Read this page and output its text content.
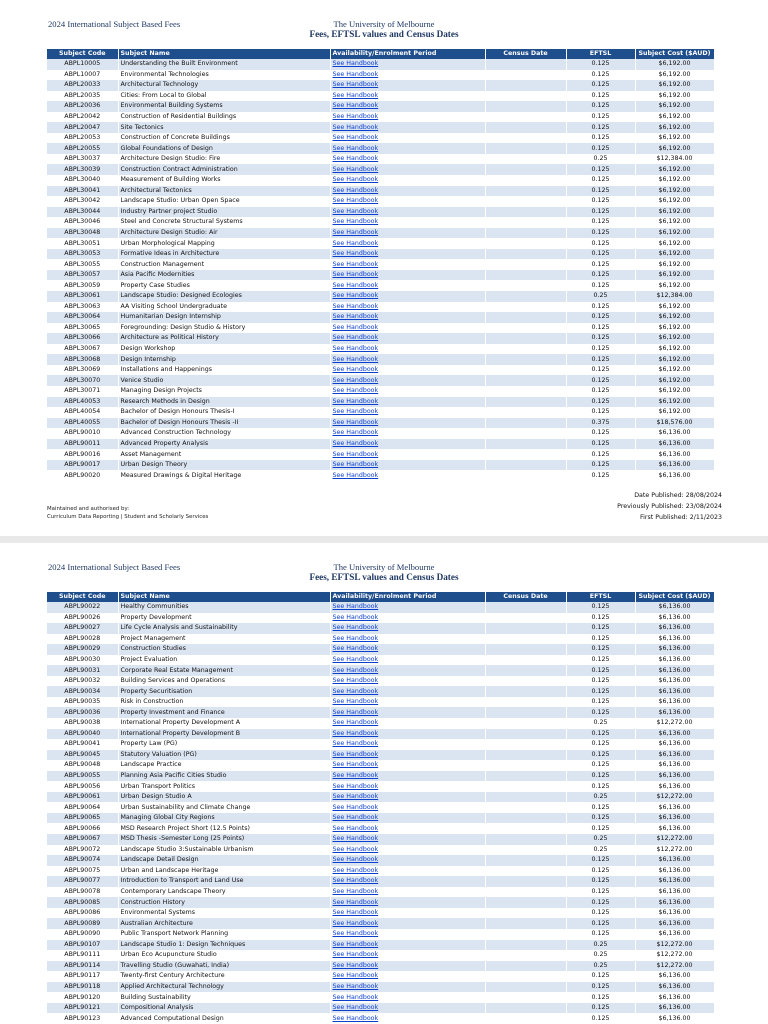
2024 International Subject Based Fees	The University of Melbourne
Fees, EFTSL values and Census Dates
Subject Code	Subject Name	Availability/Enrolment Period	Census Date	EFTSL	Subject Cost ($AUD)
ABPL10005	Understanding the Built Environment	See Handbook		0.125	$6,192.00
ABPL10007	Environmental Technologies	See Handbook		0.125	$6,192.00
ABPL20033	Architectural Technology	See Handbook		0.125	$6,192.00
ABPL20035	Cities: From Local to Global	See Handbook		0.125	$6,192.00
ABPL20036	Environmental Building Systems	See Handbook		0.125	$6,192.00
ABPL20042	Construction of Residential Buildings	See Handbook		0.125	$6,192.00
ABPL20047	Site Tectonics	See Handbook		0.125	$6,192.00
ABPL20053	Construction of Concrete Buildings	See Handbook		0.125	$6,192.00
ABPL20055	Global Foundations of Design	See Handbook		0.125	$6,192.00
ABPL30037	Architecture Design Studio: Fire	See Handbook		0.25	$12,384.00
ABPL30039	Construction Contract Administration	See Handbook		0.125	$6,192.00
ABPL30040	Measurement of Building Works	See Handbook		0.125	$6,192.00
ABPL30041	Architectural Tectonics	See Handbook		0.125	$6,192.00
ABPL30042	Landscape Studio: Urban Open Space	See Handbook		0.125	$6,192.00
ABPL30044	Industry Partner project Studio	See Handbook		0.125	$6,192.00
ABPL30046	Steel and Concrete Structural Systems	See Handbook		0.125	$6,192.00
ABPL30048	Architecture Design Studio: Air	See Handbook		0.125	$6,192.00
ABPL30051	Urban Morphological Mapping	See Handbook		0.125	$6,192.00
ABPL30053	Formative Ideas in Architecture	See Handbook		0.125	$6,192.00
ABPL30055	Construction Management	See Handbook		0.125	$6,192.00
ABPL30057	Asia Pacific Modernities	See Handbook		0.125	$6,192.00
ABPL30059	Property Case Studies	See Handbook		0.125	$6,192.00
ABPL30061	Landscape Studio: Designed Ecologies	See Handbook		0.25	$12,384.00
ABPL30063	AA Visiting School Undergraduate	See Handbook		0.125	$6,192.00
ABPL30064	Humanitarian Design Internship	See Handbook		0.125	$6,192.00
ABPL30065	Foregrounding: Design Studio & History	See Handbook		0.125	$6,192.00
ABPL30066	Architecture as Political History	See Handbook		0.125	$6,192.00
ABPL30067	Design Workshop	See Handbook		0.125	$6,192.00
ABPL30068	Design Internship	See Handbook		0.125	$6,192.00
ABPL30069	Installations and Happenings	See Handbook		0.125	$6,192.00
ABPL30070	Venice Studio	See Handbook		0.125	$6,192.00
ABPL30071	Managing Design Projects	See Handbook		0.125	$6,192.00
ABPL40053	Research Methods in Design	See Handbook		0.125	$6,192.00
ABPL40054	Bachelor of Design Honours Thesis-I	See Handbook		0.125	$6,192.00
ABPL40055	Bachelor of Design Honours Thesis -II	See Handbook		0.375	$18,576.00
ABPL90010	Advanced Construction Technology	See Handbook		0.125	$6,136.00
ABPL90011	Advanced Property Analysis	See Handbook		0.125	$6,136.00
ABPL90016	Asset Management	See Handbook		0.125	$6,136.00
ABPL90017	Urban Design Theory	See Handbook		0.125	$6,136.00
ABPL90020	Measured Drawings & Digital Heritage	See Handbook		0.125	$6,136.00
Maintained and authorised by:
Curriculum Data Reporting | Student and Scholarly Services
Date Published: 28/08/2024
Previously Published: 23/08/2024
First Published: 2/11/2023
2024 International Subject Based Fees	The University of Melbourne
Fees, EFTSL values and Census Dates
Subject Code	Subject Name	Availability/Enrolment Period	Census Date	EFTSL	Subject Cost ($AUD)
ABPL90022	Healthy Communities	See Handbook		0.125	$6,136.00
ABPL90026	Property Development	See Handbook		0.125	$6,136.00
ABPL90027	Life Cycle Analysis and Sustainability	See Handbook		0.125	$6,136.00
ABPL90028	Project Management	See Handbook		0.125	$6,136.00
ABPL90029	Construction Studies	See Handbook		0.125	$6,136.00
ABPL90030	Project Evaluation	See Handbook		0.125	$6,136.00
ABPL90031	Corporate Real Estate Management	See Handbook		0.125	$6,136.00
ABPL90032	Building Services and Operations	See Handbook		0.125	$6,136.00
ABPL90034	Property Securitisation	See Handbook		0.125	$6,136.00
ABPL90035	Risk in Construction	See Handbook		0.125	$6,136.00
ABPL90036	Property Investment and Finance	See Handbook		0.125	$6,136.00
ABPL90038	International Property Development A	See Handbook		0.25	$12,272.00
ABPL90040	International Property Development B	See Handbook		0.125	$6,136.00
ABPL90041	Property Law (PG)	See Handbook		0.125	$6,136.00
ABPL90045	Statutory Valuation (PG)	See Handbook		0.125	$6,136.00
ABPL90048	Landscape Practice	See Handbook		0.125	$6,136.00
ABPL90055	Planning Asia Pacific Cities Studio	See Handbook		0.125	$6,136.00
ABPL90056	Urban Transport Politics	See Handbook		0.125	$6,136.00
ABPL90061	Urban Design Studio A	See Handbook		0.25	$12,272.00
ABPL90064	Urban Sustainability and Climate Change	See Handbook		0.125	$6,136.00
ABPL90065	Managing Global City Regions	See Handbook		0.125	$6,136.00
ABPL90066	MSD Research Project Short (12.5 Points)	See Handbook		0.125	$6,136.00
ABPL90067	MSD Thesis -Semester Long (25 Points)	See Handbook		0.25	$12,272.00
ABPL90072	Landscape Studio 3:Sustainable Urbanism	See Handbook		0.25	$12,272.00
ABPL90074	Landscape Detail Design	See Handbook		0.125	$6,136.00
ABPL90075	Urban and Landscape Heritage	See Handbook		0.125	$6,136.00
ABPL90077	Introduction to Transport and Land Use	See Handbook		0.125	$6,136.00
ABPL90078	Contemporary Landscape Theory	See Handbook		0.125	$6,136.00
ABPL90085	Construction History	See Handbook		0.125	$6,136.00
ABPL90086	Environmental Systems	See Handbook		0.125	$6,136.00
ABPL90089	Australian Architecture	See Handbook		0.125	$6,136.00
ABPL90090	Public Transport Network Planning	See Handbook		0.125	$6,136.00
ABPL90107	Landscape Studio 1: Design Techniques	See Handbook		0.25	$12,272.00
ABPL90111	Urban Eco Acupuncture Studio	See Handbook		0.25	$12,272.00
ABPL90114	Travelling Studio (Guwahati, India)	See Handbook		0.25	$12,272.00
ABPL90117	Twenty-first Century Architecture	See Handbook		0.125	$6,136.00
ABPL90118	Applied Architectural Technology	See Handbook		0.125	$6,136.00
ABPL90120	Building Sustainability	See Handbook		0.125	$6,136.00
ABPL90121	Compositional Analysis	See Handbook		0.125	$6,136.00
ABPL90123	Advanced Computational Design	See Handbook		0.125	$6,136.00
